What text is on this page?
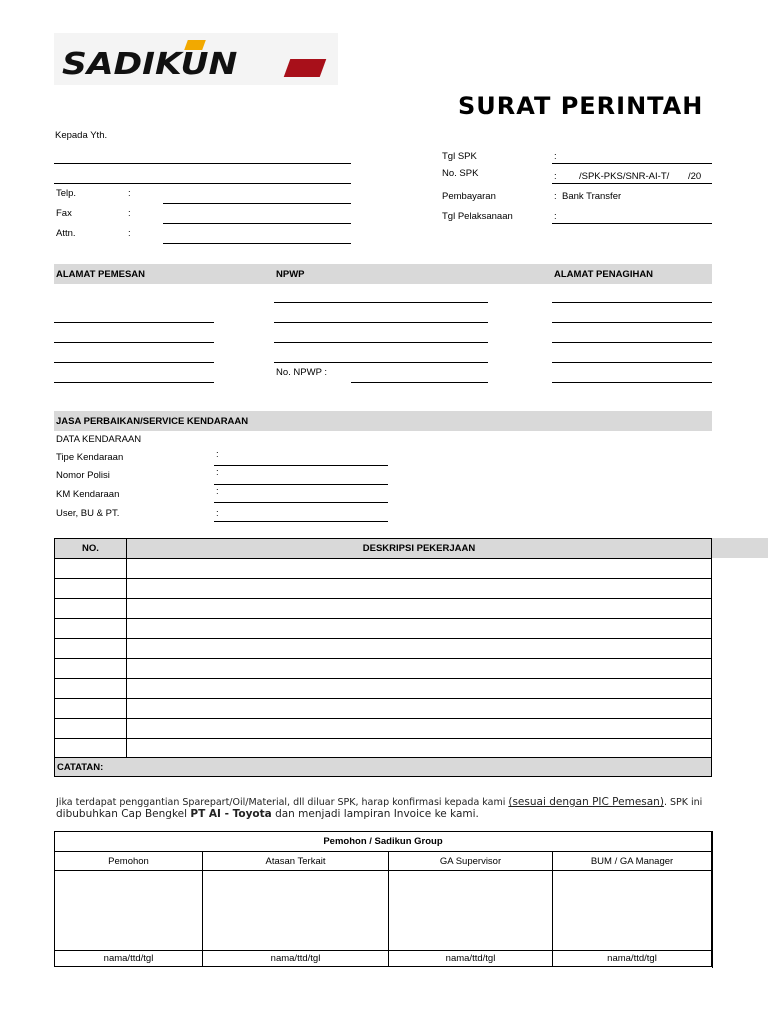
SADIKUN
SURAT PERINTAH
Kepada Yth.
Telp.	:
Fax	:
Attn.	:
Tgl SPK	:
No. SPK	: /SPK-PKS/SNR-AI-T/ /20
Pembayaran	: Bank Transfer
Tgl Pelaksanaan	:
ALAMAT PEMESAN	NPWP	ALAMAT PENAGIHAN
No. NPWP :
JASA PERBAIKAN/SERVICE KENDARAAN
DATA KENDARAAN
Tipe Kendaraan	:
Nomor Polisi	:
KM Kendaraan	:
User, BU & PT.	:
NO.	DESKRIPSI PEKERJAAN

CATATAN:
Jika terdapat penggantian Sparepart/Oil/Material, dll diluar SPK, harap konfirmasi kepada kami (sesuai dengan PIC Pemesan). SPK ini
dibubuhkan Cap Bengkel PT AI - Toyota dan menjadi lampiran Invoice ke kami.
Pemohon / Sadikun Group			
Pemohon	Atasan Terkait	GA Supervisor	BUM / GA Manager

nama/ttd/tgl	nama/ttd/tgl	nama/ttd/tgl	nama/ttd/tgl
